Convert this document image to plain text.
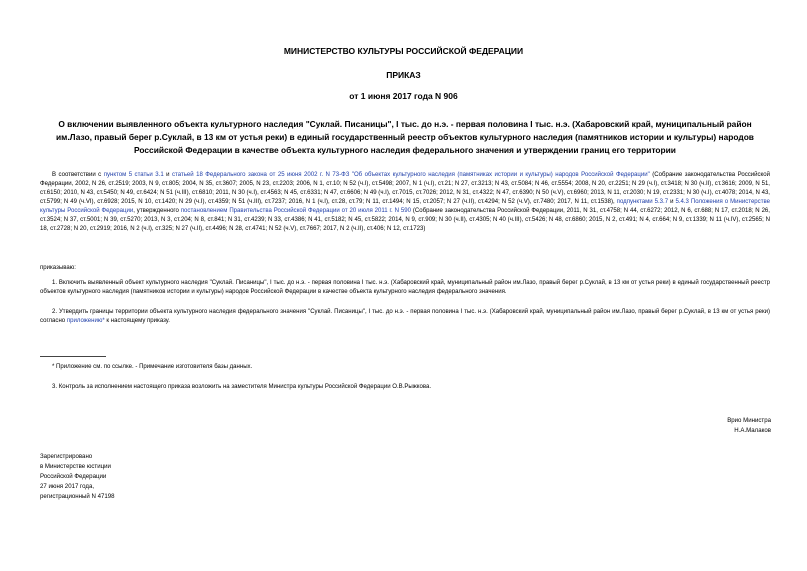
МИНИСТЕРСТВО КУЛЬТУРЫ РОССИЙСКОЙ ФЕДЕРАЦИИ
ПРИКАЗ
от 1 июня 2017 года N 906
О включении выявленного объекта культурного наследия "Суклай. Писаницы", I тыс. до н.э. - первая половина I тыс. н.э. (Хабаровский край, муниципальный район им.Лазо, правый берег р.Суклай, в 13 км от устья реки) в единый государственный реестр объектов культурного наследия (памятников истории и культуры) народов Российской Федерации в качестве объекта культурного наследия федерального значения и утверждении границ его территории
В соответствии с пунктом 5 статьи 3.1 и статьей 18 Федерального закона от 25 июня 2002 г. N 73-ФЗ "Об объектах культурного наследия (памятниках истории и культуры) народов Российской Федерации" (Собрание законодательства Российской Федерации, 2002, N 26, ст.2519; 2003, N 9, ст.805; 2004, N 35, ст.3607; 2005, N 23, ст.2203; 2006, N 1, ст.10; N 52 (ч.I), ст.5498; 2007, N 1 (ч.I), ст.21; N 27, ст.3213; N 43, ст.5084; N 46, ст.5554; 2008, N 20, ст.2251; N 29 (ч.I), ст.3418; N 30 (ч.II), ст.3616; 2009, N 51, ст.6150; 2010, N 43, ст.5450; N 49, ст.6424; N 51 (ч.III), ст.6810; 2011, N 30 (ч.I), ст.4563; N 45, ст.6331; N 47, ст.6606; N 49 (ч.I), ст.7015, ст.7026; 2012, N 31, ст.4322; N 47, ст.6390; N 50 (ч.V), ст.6960; 2013, N 11, ст.2030; N 19, ст.2331; N 30 (ч.I), ст.4078; 2014, N 43, ст.5799; N 49 (ч.VI), ст.6928; 2015, N 10, ст.1420; N 29 (ч.I), ст.4359; N 51 (ч.III), ст.7237; 2016, N 1 (ч.I), ст.28, ст.79; N 11, ст.1494; N 15, ст.2057; N 27 (ч.II), ст.4294; N 52 (ч.V), ст.7480; 2017, N 11, ст.1538), подпунктами 5.3.7 и 5.4.3 Положения о Министерстве культуры Российской Федерации, утвержденного постановлением Правительства Российской Федерации от 20 июля 2011 г. N 590 (Собрание законодательства Российской Федерации, 2011, N 31, ст.4758; N 44, ст.6272; 2012, N 6, ст.688; N 17, ст.2018; N 26, ст.3524; N 37, ст.5001; N 39, ст.5270; 2013, N 3, ст.204; N 8, ст.841; N 31, ст.4239; N 33, ст.4386; N 41, ст.5182; N 45, ст.5822; 2014, N 9, ст.909; N 30 (ч.II), ст.4305; N 40 (ч.III), ст.5426; N 48, ст.6860; 2015, N 2, ст.491; N 4, ст.664; N 9, ст.1339; N 11 (ч.IV), ст.2565; N 18, ст.2728; N 20, ст.2919; 2016, N 2 (ч.I), ст.325; N 27 (ч.II), ст.4496; N 28, ст.4741; N 52 (ч.V), ст.7667; 2017, N 2 (ч.II), ст.406; N 12, ст.1723)
приказываю:
1. Включить выявленный объект культурного наследия "Суклай. Писаницы", I тыс. до н.э. - первая половина I тыс. н.э. (Хабаровский край, муниципальный район им.Лазо, правый берег р.Суклай, в 13 км от устья реки) в единый государственный реестр объектов культурного наследия (памятников истории и культуры) народов Российской Федерации в качестве объекта культурного наследия федерального значения.
2. Утвердить границы территории объекта культурного наследия федерального значения "Суклай. Писаницы", I тыс. до н.э. - первая половина I тыс. н.э. (Хабаровский край, муниципальный район им.Лазо, правый берег р.Суклай, в 13 км от устья реки) согласно приложению* к настоящему приказу.
* Приложение см. по ссылке. - Примечание изготовителя базы данных.
3. Контроль за исполнением настоящего приказа возложить на заместителя Министра культуры Российской Федерации О.В.Рыжкова.
Врио Министра
Н.А.Малаков
Зарегистрировано
в Министерстве юстиции
Российской Федерации
27 июня 2017 года,
регистрационный N 47198
